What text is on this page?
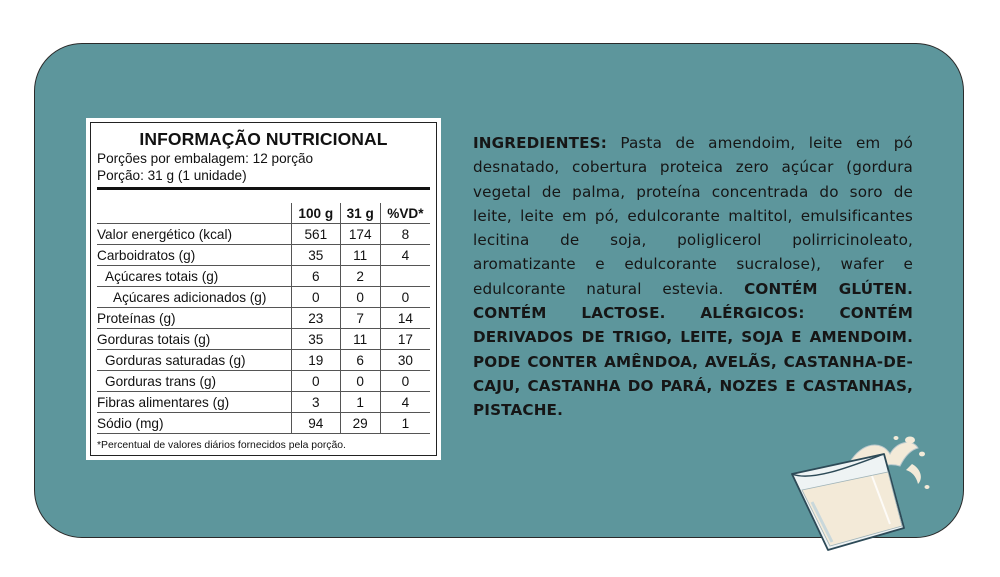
INFORMAÇÃO NUTRICIONAL
Porções por embalagem: 12 porção
Porção: 31 g (1 unidade)
	100 g	31 g	%VD*
Valor energético (kcal)	561	174	8
Carboidratos (g)	35	11	4
Açúcares totais (g)	6	2	
Açúcares adicionados (g)	0	0	0
Proteínas (g)	23	7	14
Gorduras totais (g)	35	11	17
Gorduras saturadas (g)	19	6	30
Gorduras trans (g)	0	0	0
Fibras alimentares (g)	3	1	4
Sódio (mg)	94	29	1
*Percentual de valores diários fornecidos pela porção.
INGREDIENTES: Pasta de amendoim, leite em pó desnatado, cobertura proteica zero açúcar (gordura vegetal de palma, proteína concentrada do soro de leite, leite em pó, edulcorante maltitol, emulsificantes lecitina de soja, poliglicerol polirricinoleato, aromatizante e edulcorante sucralose), wafer e edulcorante natural estevia. CONTÉM GLÚTEN. CONTÉM LACTOSE. ALÉRGICOS: CONTÉM DERIVADOS DE TRIGO, LEITE, SOJA E AMENDOIM. PODE CONTER AMÊNDOA, AVELÃS, CASTANHA-DE-CAJU, CASTANHA DO PARÁ, NOZES E CASTANHAS, PISTACHE.
